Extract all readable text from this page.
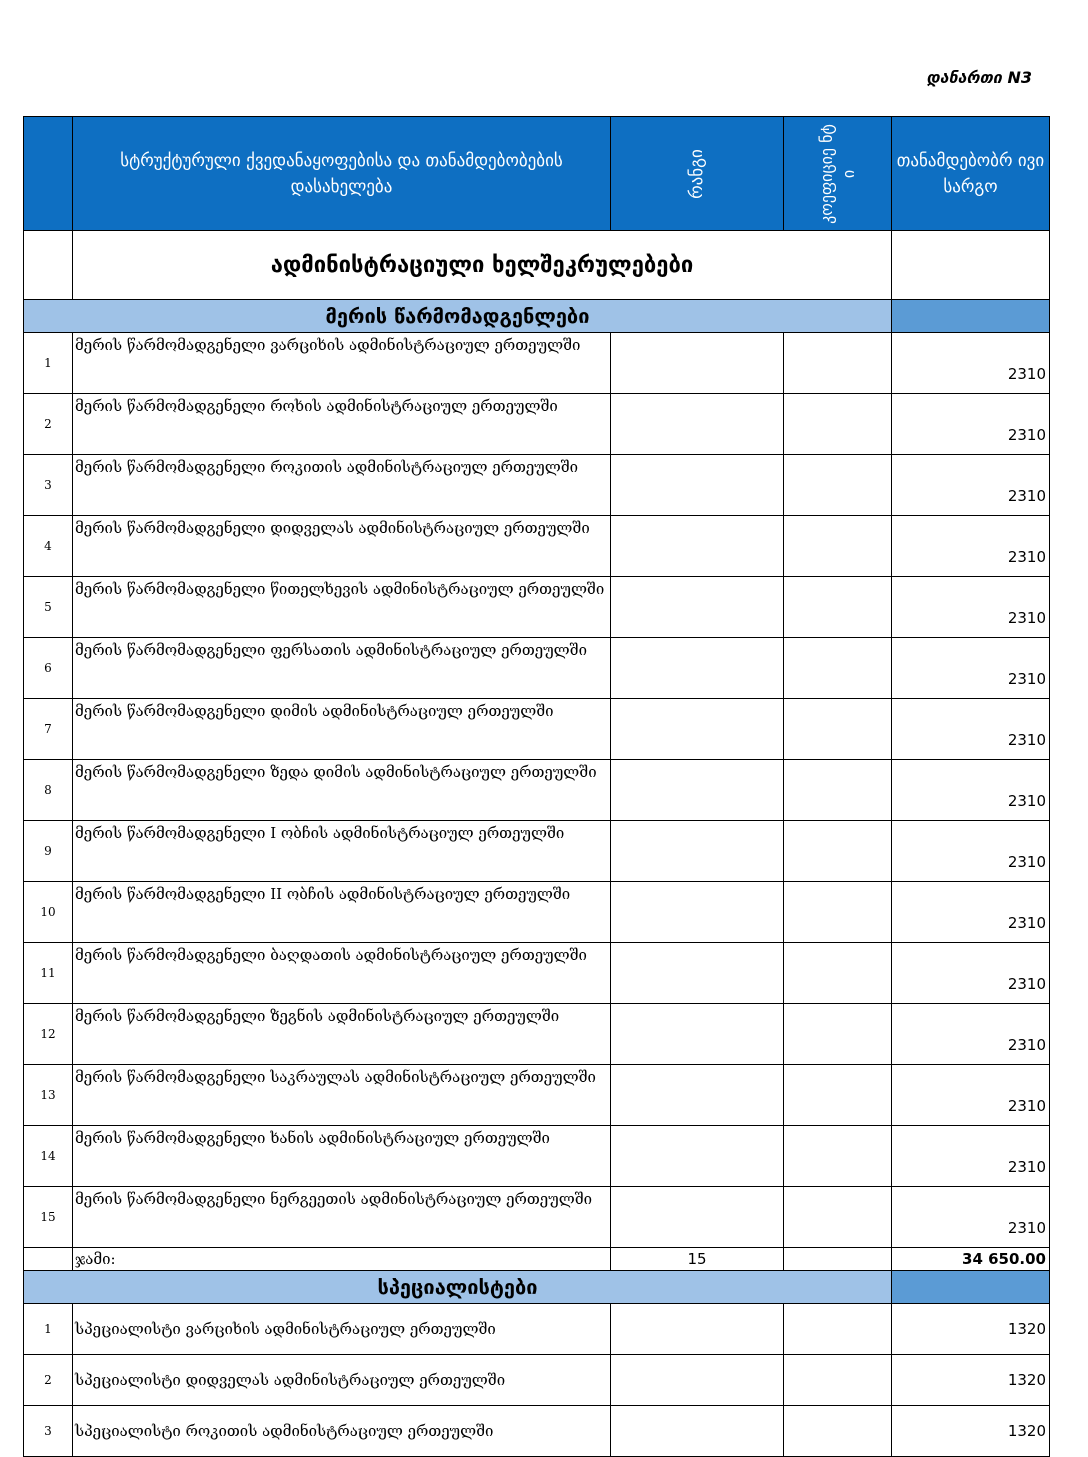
დანართი N3
	სტრუქტურული ქვედანაყოფებისა და თანამდებობების დასახელება	რანგი	კოეფიციე ნტი	თანამდებობრ ივი სარგო
	ადმინისტრაციული ხელშეკრულებები			
მერის წარმომადგენლები				
1	მერის წარმომადგენელი ვარციხის ადმინისტრაციულ ერთეულში			2310
2	მერის წარმომადგენელი როხის ადმინისტრაციულ ერთეულში			2310
3	მერის წარმომადგენელი როკითის ადმინისტრაციულ ერთეულში			2310
4	მერის წარმომადგენელი დიდველას ადმინისტრაციულ ერთეულში			2310
5	მერის წარმომადგენელი წითელხევის ადმინისტრაციულ ერთეულში			2310
6	მერის წარმომადგენელი ფერსათის ადმინისტრაციულ ერთეულში			2310
7	მერის წარმომადგენელი დიმის ადმინისტრაციულ ერთეულში			2310
8	მერის წარმომადგენელი ზედა დიმის ადმინისტრაციულ ერთეულში			2310
9	მერის წარმომადგენელი I ობჩის ადმინისტრაციულ ერთეულში			2310
10	მერის წარმომადგენელი II ობჩის ადმინისტრაციულ ერთეულში			2310
11	მერის წარმომადგენელი ბაღდათის ადმინისტრაციულ ერთეულში			2310
12	მერის წარმომადგენელი ზეგნის ადმინისტრაციულ ერთეულში			2310
13	მერის წარმომადგენელი საკრაულას ადმინისტრაციულ ერთეულში			2310
14	მერის წარმომადგენელი ხანის ადმინისტრაციულ ერთეულში			2310
15	მერის წარმომადგენელი ნერგეეთის ადმინისტრაციულ ერთეულში			2310
	ჯამი:	15		34 650.00
სპეციალისტები				
1	სპეციალისტი ვარციხის ადმინისტრაციულ ერთეულში			1320
2	სპეციალისტი დიდველას ადმინისტრაციულ ერთეულში			1320
3	სპეციალისტი როკითის ადმინისტრაციულ ერთეულში			1320
